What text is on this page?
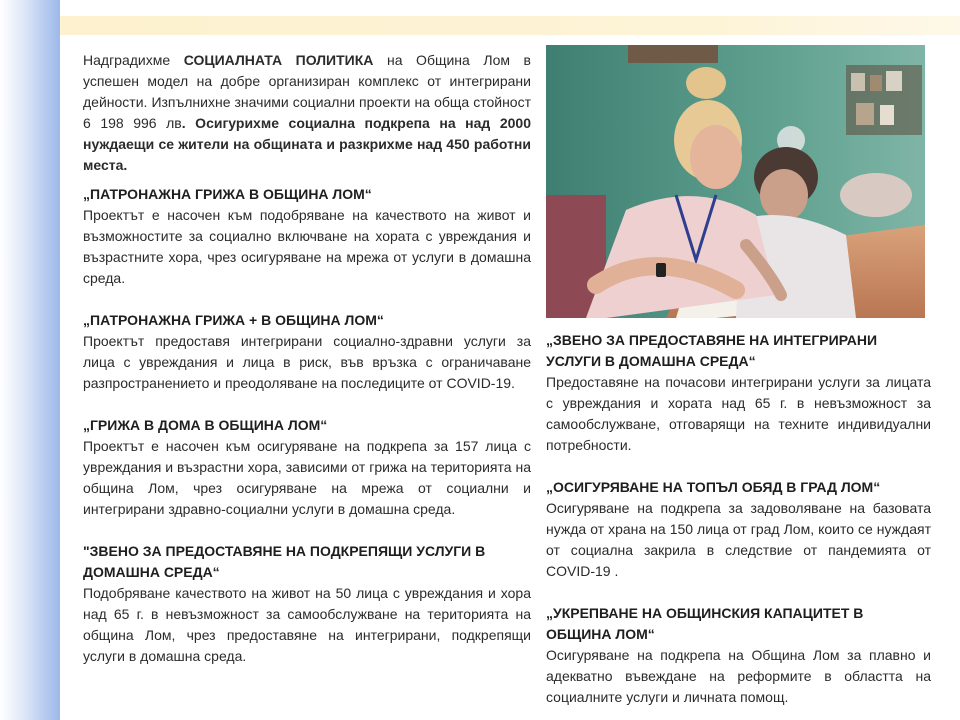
Надградихме СОЦИАЛНАТА ПОЛИТИКА на Община Лом в успешен модел на добре организиран комплекс от интегрирани дейности. Изпълнихне значими социални проекти на обща стойност 6 198 996 лв. Осигурихме социална подкрепа на над 2000 нуждаещи се жители на общината и разкрихме над 450 работни места.

„ПАТРОНАЖНА ГРИЖА В ОБЩИНА ЛОМ“

Проектът е насочен към подобряване на качеството на живот и възможностите за социално включване на хората с увреждания и възрастните хора, чрез осигуряване на мрежа от услуги в домашна среда.

„ПАТРОНАЖНА ГРИЖА + В ОБЩИНА ЛОМ“

Проектът предоставя интегрирани социално-здравни услуги за лица с увреждания и лица в риск, във връзка с ограничаване разпространението и преодоляване на последиците от COVID-19.

„ГРИЖА В ДОМА В ОБЩИНА ЛОМ“

Проектът е насочен към осигуряване на подкрепа за 157 лица с увреждания и възрастни хора, зависими от грижа на територията на община Лом, чрез осигуряване на мрежа от социални и интегрирани здравно-социални услуги в домашна среда.

"ЗВЕНО ЗА ПРЕДОСТАВЯНЕ НА ПОДКРЕПЯЩИ УСЛУГИ В ДОМАШНА СРЕДА“

Подобряване качеството на живот на 50 лица с увреждания и хора над 65 г. в невъзможност за самообслужване на територията на община Лом, чрез предоставяне на интегрирани, подкрепящи услуги в домашна среда.

„ЗВЕНО ЗА ПРЕДОСТАВЯНЕ НА ИНТЕГРИРАНИ УСЛУГИ В ДОМАШНА СРЕДА“

Предоставяне на почасови интегрирани услуги за лицата с увреждания и хората над 65 г. в невъзможност за самообслужване, отговарящи на техните индивидуални потребности.

„ОСИГУРЯВАНЕ НА ТОПЪЛ ОБЯД В ГРАД ЛОМ“

Осигуряване на подкрепа за задоволяване на базовата нужда от храна на 150 лица от град Лом, които се нуждаят от социална закрила в следствие от пандемията от COVID-19 .

„УКРЕПВАНЕ НА ОБЩИНСКИЯ КАПАЦИТЕТ В ОБЩИНА ЛОМ“

Осигуряване на подкрепа на Община Лом за плавно и адекватно въвеждане на реформите в областта на социалните услуги и личната помощ.
